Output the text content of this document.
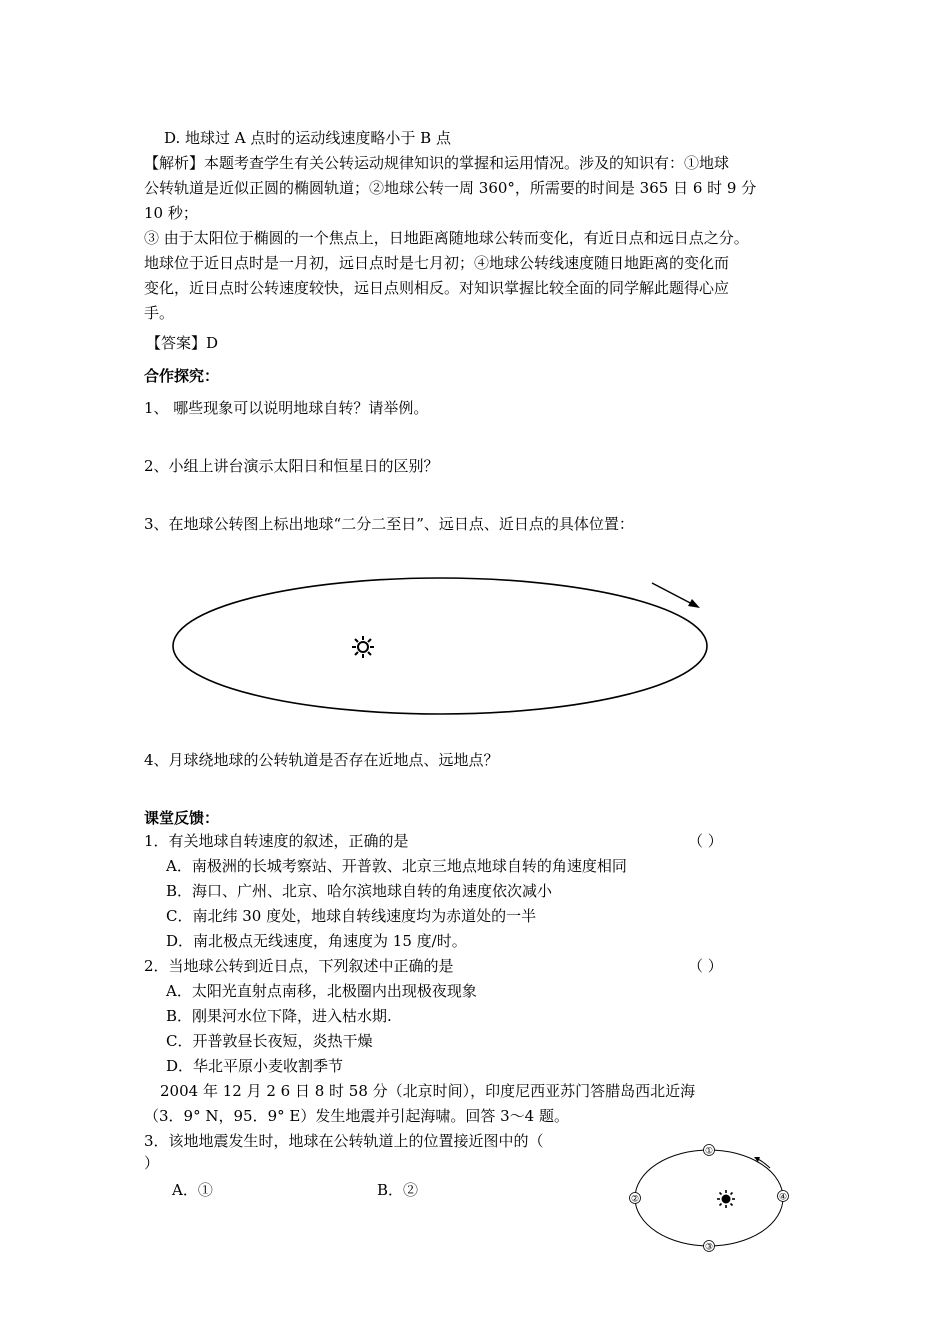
D. 地球过 A 点时的运动线速度略小于 B 点
【解析】本题考查学生有关公转运动规律知识的掌握和运用情况。涉及的知识有：①地球
公转轨道是近似正圆的椭圆轨道；②地球公转一周 360°，所需要的时间是 365 日 6 时 9 分
10 秒；
③ 由于太阳位于椭圆的一个焦点上，日地距离随地球公转而变化，有近日点和远日点之分。
地球位于近日点时是一月初，远日点时是七月初；④地球公转线速度随日地距离的变化而
变化，近日点时公转速度较快，远日点则相反。对知识掌握比较全面的同学解此题得心应
手。
【答案】D
合作探究：
1、 哪些现象可以说明地球自转？请举例。
2、小组上讲台演示太阳日和恒星日的区别？
3、在地球公转图上标出地球“二分二至日”、远日点、近日点的具体位置：
4、月球绕地球的公转轨道是否存在近地点、远地点？
课堂反馈：
1．有关地球自转速度的叙述，正确的是	（ ）
A．南极洲的长城考察站、开普敦、北京三地点地球自转的角速度相同
B．海口、广州、北京、哈尔滨地球自转的角速度依次减小
C．南北纬 30 度处，地球自转线速度均为赤道处的一半
D．南北极点无线速度，角速度为 15 度/时。
2．当地球公转到近日点，下列叙述中正确的是	（ ）
A．太阳光直射点南移，北极圈内出现极夜现象
B．刚果河水位下降，进入枯水期.
C．开普敦昼长夜短，炎热干燥
D．华北平原小麦收割季节
2004 年 12 月 2 6 日 8 时 58 分（北京时间），印度尼西亚苏门答腊岛西北近海
（3．9° N，95．9° E）发生地震并引起海啸。回答 3～4 题。
3．该地地震发生时，地球在公转轨道上的位置接近图中的（
）
A．①	B．②
①
②
③
④
